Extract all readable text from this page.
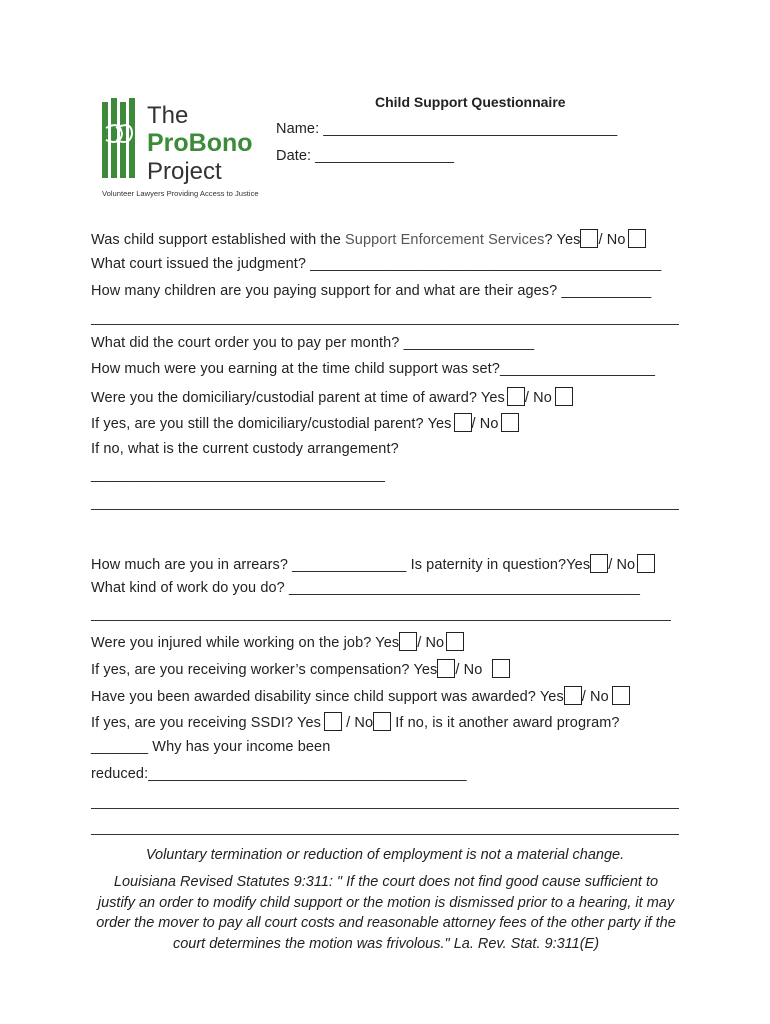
The
ProBono
Project
Volunteer Lawyers Providing Access to Justice
Child Support Questionnaire
Name: ____________________________________
Date: _________________
Was child support established with the Support Enforcement Services? Yes / No
What court issued the judgment? ___________________________________________
How many children are you paying support for and what are their ages? ___________
What did the court order you to pay per month? ________________
How much were you earning at the time child support was set?___________________
Were you the domiciliary/custodial parent at time of award? Yes / No
If yes, are you still the domiciliary/custodial parent? Yes / No
If no, what is the current custody arrangement?
____________________________________
How much are you in arrears? ______________ Is paternity in question?Yes / No
What kind of work do you do? ___________________________________________
Were you injured while working on the job? Yes / No
If yes, are you receiving worker’s compensation? Yes / No
Have you been awarded disability since child support was awarded? Yes / No
If yes, are you receiving SSDI? Yes / No If no, is it another award program?
_______ Why has your income been
reduced:_______________________________________
Voluntary termination or reduction of employment is not a material change.
Louisiana Revised Statutes 9:311: " If the court does not find good cause sufficient to justify an order to modify child support or the motion is dismissed prior to a hearing, it may order the mover to pay all court costs and reasonable attorney fees of the other party if the court determines the motion was frivolous." La. Rev. Stat. 9:311(E)
